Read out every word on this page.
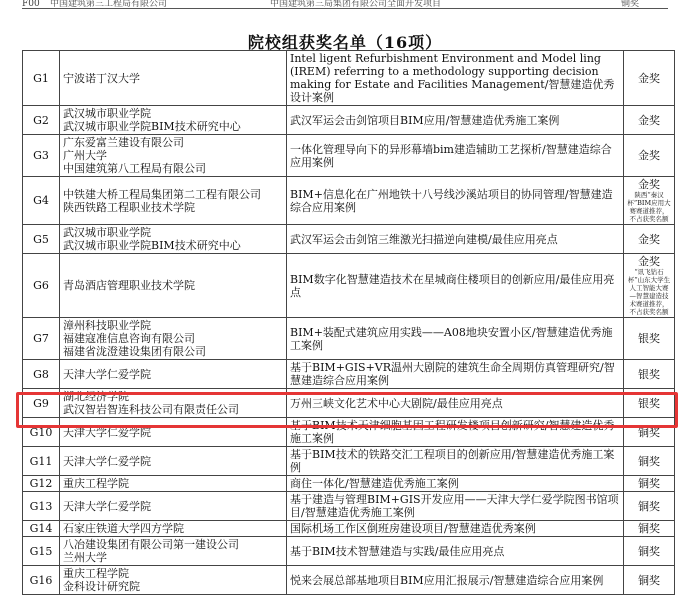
F00	中国建筑第三工程局有限公司	中国建筑第三局集团有限公司全面开发项目	铜奖
院校组获奖名单（16项）
G1	宁波诺丁汉大学	Intel ligent Refurbishment Environment and Model ling (IREM) referring to a methodology supporting decision making for Estate and Facilities Management/智慧建造优秀设计案例	金奖
G2	武汉城市职业学院
武汉城市职业学院BIM技术研究中心	武汉军运会击剑馆项目BIM应用/智慧建造优秀施工案例	金奖
G3	广东爱富兰建设有限公司
广州大学
中国建筑第八工程局有限公司	一体化管理导向下的异形幕墙bim建造辅助工艺探析/智慧建造综合应用案例	金奖
G4	中铁建大桥工程局集团第二工程有限公司
陕西铁路工程职业技术学院	BIM+信息化在广州地铁十八号线沙溪站项目的协同管理/智慧建造综合应用案例	金奖
陕西“秦汉杯”BIM应用大赛赛道推荐，不占获奖名额

G5	武汉城市职业学院
武汉城市职业学院BIM技术研究中心	武汉军运会击剑馆三维激光扫描逆向建模/最佳应用亮点	金奖
G6	青岛酒店管理职业技术学院	BIM数字化智慧建造技术在星城商住楼项目的创新应用/最佳应用亮点	金奖
“讯飞钻石杯”山东大学生人工智能大赛—智慧建造技术赛道推荐，不占获奖名额

G7	漳州科技职业学院
福建寇准信息咨询有限公司
福建省泷澄建设集团有限公司	BIM+装配式建筑应用实践——A08地块安置小区/智慧建造优秀施工案例	银奖
G8	天津大学仁爱学院	基于BIM+GIS+VR温州大剧院的建筑生命全周期仿真管理研究/智慧建造综合应用案例	银奖
G9	湖北经济学院
武汉智岩智连科技公司有限责任公司	万州三峡文化艺术中心大剧院/最佳应用亮点	银奖
G10	天津大学仁爱学院	基于BIM技术天津细胞基因工程研发楼项目创新研究/智慧建造优秀施工案例	铜奖
G11	天津大学仁爱学院	基于BIM技术的铁路交汇工程项目的创新应用/智慧建造优秀施工案例	铜奖
G12	重庆工程学院	商住一体化/智慧建造优秀施工案例	铜奖
G13	天津大学仁爱学院	基于建造与管理BIM+GIS开发应用——天津大学仁爱学院图书馆项目/智慧建造优秀施工案例	铜奖
G14	石家庄铁道大学四方学院	国际机场工作区倒班房建设项目/智慧建造优秀案例	铜奖
G15	八冶建设集团有限公司第一建设公司
兰州大学	基于BIM技术智慧建造与实践/最佳应用亮点	铜奖
G16	重庆工程学院
金科设计研究院	悦来会展总部基地项目BIM应用汇报展示/智慧建造综合应用案例	铜奖
